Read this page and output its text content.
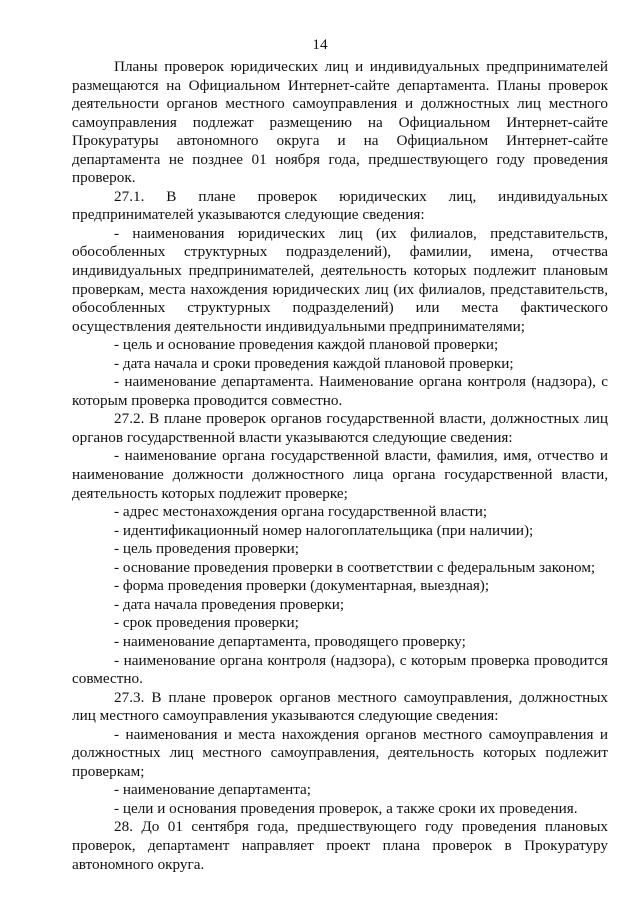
14

Планы проверок юридических лиц и индивидуальных предпринимателей размещаются на Официальном Интернет-сайте департамента. Планы проверок деятельности органов местного самоуправления и должностных лиц местного самоуправления подлежат размещению на Официальном Интернет-сайте Прокуратуры автономного округа и на Официальном Интернет-сайте департамента не позднее 01 ноября года, предшествующего году проведения проверок.

27.1. В плане проверок юридических лиц, индивидуальных предпринимателей указываются следующие сведения:

- наименования юридических лиц (их филиалов, представительств, обособленных структурных подразделений), фамилии, имена, отчества индивидуальных предпринимателей, деятельность которых подлежит плановым проверкам, места нахождения юридических лиц (их филиалов, представительств, обособленных структурных подразделений) или места фактического осуществления деятельности индивидуальными предпринимателями;

- цель и основание проведения каждой плановой проверки;

- дата начала и сроки проведения каждой плановой проверки;

- наименование департамента. Наименование органа контроля (надзора), с которым проверка проводится совместно.

27.2. В плане проверок органов государственной власти, должностных лиц органов государственной власти указываются следующие сведения:

- наименование органа государственной власти, фамилия, имя, отчество и наименование должности должностного лица органа государственной власти, деятельность которых подлежит проверке;

- адрес местонахождения органа государственной власти;

- идентификационный номер налогоплательщика (при наличии);

- цель проведения проверки;

- основание проведения проверки в соответствии с федеральным законом;

- форма проведения проверки (документарная, выездная);

- дата начала проведения проверки;

- срок проведения проверки;

- наименование департамента, проводящего проверку;

- наименование органа контроля (надзора), с которым проверка проводится совместно.

27.3. В плане проверок органов местного самоуправления, должностных лиц местного самоуправления указываются следующие сведения:

- наименования и места нахождения органов местного самоуправления и должностных лиц местного самоуправления, деятельность которых подлежит проверкам;

- наименование департамента;

- цели и основания проведения проверок, а также сроки их проведения.

28. До 01 сентября года, предшествующего году проведения плановых проверок, департамент направляет проект плана проверок в Прокуратуру автономного округа.
